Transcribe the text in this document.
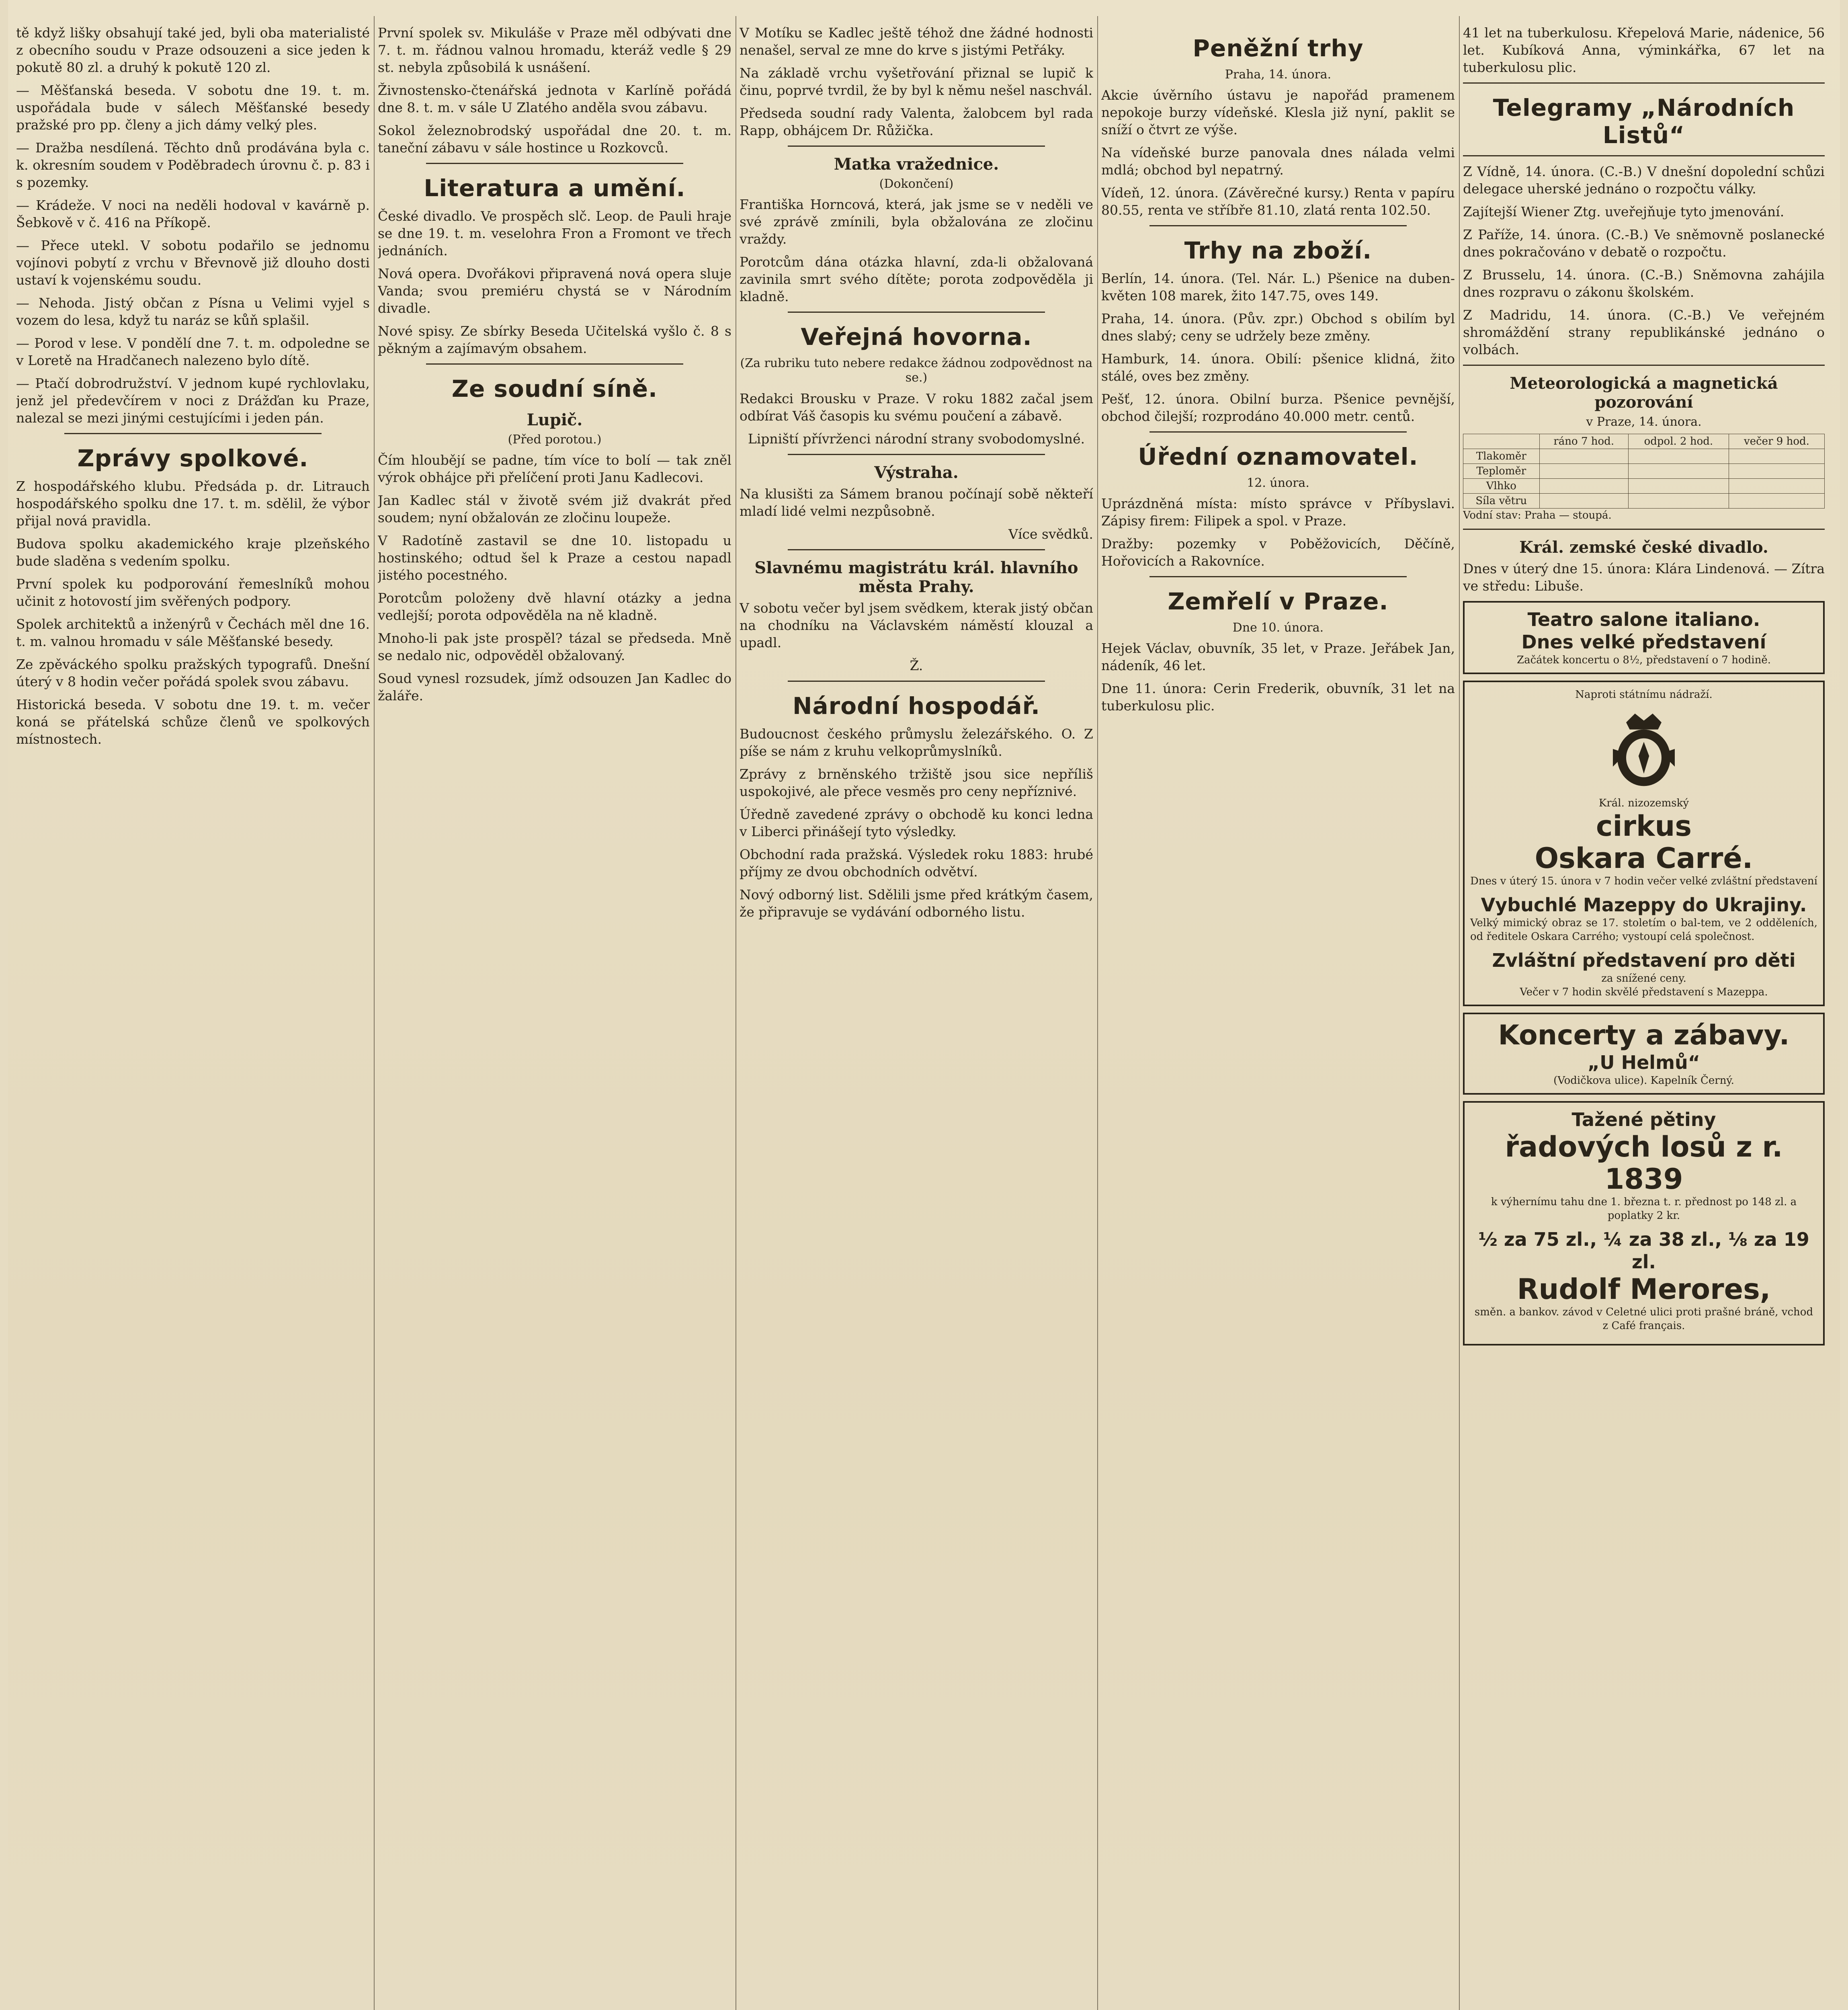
tě když lišky obsahují také jed, byli oba materialisté z obecního soudu v Praze odsouzeni a sice jeden k pokutě 80 zl. a druhý k pokutě 120 zl.

— Měšťanská beseda. V sobotu dne 19. t. m. uspořádala bude v sálech Měšťanské besedy pražské pro pp. členy a jich dámy velký ples.

— Dražba nesdílená. Těchto dnů prodávána byla c. k. okresním soudem v Poděbradech úrovnu č. p. 83 i s pozemky.

— Krádeže. V noci na neděli hodoval v kavárně p. Šebkově v č. 416 na Příkopě.

— Přece utekl. V sobotu podařilo se jednomu vojínovi pobytí z vrchu v Břevnově již dlouho dosti ustaví k vojenskému soudu.

— Nehoda. Jistý občan z Písna u Velimi vyjel s vozem do lesa, když tu naráz se kůň splašil.

— Porod v lese. V pondělí dne 7. t. m. odpoledne se v Loretě na Hradčanech nalezeno bylo dítě.

— Ptačí dobrodružství. V jednom kupé rychlovlaku, jenž jel předevčírem v noci z Drážďan ku Praze, nalezal se mezi jinými cestujícími i jeden pán.

Zprávy spolkové.

Z hospodářského klubu. Předsáda p. dr. Litrauch hospodářského spolku dne 17. t. m. sdělil, že výbor přijal nová pravidla.

Budova spolku akademického kraje plzeňského bude sladěna s vedením spolku.

První spolek ku podporování řemeslníků mohou učinit z hotovostí jim svěřených podpory.

Spolek architektů a inženýrů v Čechách měl dne 16. t. m. valnou hromadu v sále Měšťanské besedy.

Ze zpěváckého spolku pražských typografů. Dnešní úterý v 8 hodin večer pořádá spolek svou zábavu.

Historická beseda. V sobotu dne 19. t. m. večer koná se přátelská schůze členů ve spolkových místnostech.

První spolek sv. Mikuláše v Praze měl odbývati dne 7. t. m. řádnou valnou hromadu, kteráž vedle § 29 st. nebyla způsobilá k usnášení.

Živnostensko-čtenářská jednota v Karlíně pořádá dne 8. t. m. v sále U Zlatého anděla svou zábavu.

Sokol železnobrodský uspořádal dne 20. t. m. taneční zábavu v sále hostince u Rozkovců.

Literatura a umění.

České divadlo. Ve prospěch slč. Leop. de Pauli hraje se dne 19. t. m. veselohra Fron a Fromont ve třech jednáních.

Nová opera. Dvořákovi připravená nová opera sluje Vanda; svou premiéru chystá se v Národním divadle.

Nové spisy. Ze sbírky Beseda Učitelská vyšlo č. 8 s pěkným a zajímavým obsahem.

Ze soudní síně.
Lupič.
(Před porotou.)

Čím hloubějí se padne, tím více to bolí — tak zněl výrok obhájce při přelíčení proti Janu Kadlecovi.

Jan Kadlec stál v životě svém již dvakrát před soudem; nyní obžalován ze zločinu loupeže.

V Radotíně zastavil se dne 10. listopadu u hostinského; odtud šel k Praze a cestou napadl jistého pocestného.

Porotcům položeny dvě hlavní otázky a jedna vedlejší; porota odpověděla na ně kladně.

Mnoho-li pak jste prospěl? tázal se předseda. Mně se nedalo nic, odpověděl obžalovaný.

Soud vynesl rozsudek, jímž odsouzen Jan Kadlec do žaláře.

V Motíku se Kadlec ještě téhož dne žádné hodnosti nenašel, serval ze mne do krve s jistými Petřáky.

Na základě vrchu vyšetřování přiznal se lupič k činu, poprvé tvrdil, že by byl k němu nešel naschvál.

Předseda soudní rady Valenta, žalobcem byl rada Rapp, obhájcem Dr. Růžička.

Matka vražednice.
(Dokončení)

Františka Horncová, která, jak jsme se v neděli ve své zprávě zmínili, byla obžalována ze zločinu vraždy.

Porotcům dána otázka hlavní, zda-li obžalovaná zavinila smrt svého dítěte; porota zodpověděla ji kladně.

Veřejná hovorna.
(Za rubriku tuto nebere redakce žádnou zodpovědnost na se.)

Redakci Brousku v Praze. V roku 1882 začal jsem odbírat Váš časopis ku svému poučení a zábavě.

Lipniští přívrženci národní strany svobodomyslné.

Výstraha.

Na klusišti za Sámem branou počínají sobě někteří mladí lidé velmi nezpůsobně.

Více svědků.

Slavnému magistrátu král. hlavního města Prahy.

V sobotu večer byl jsem svědkem, kterak jistý občan na chodníku na Václavském náměstí klouzal a upadl.

Ž.

Národní hospodář.

Budoucnost českého průmyslu železářského. O. Z píše se nám z kruhu velkoprůmyslníků.

Zprávy z brněnského tržiště jsou sice nepříliš uspokojivé, ale přece vesměs pro ceny nepříznivé.

Úředně zavedené zprávy o obchodě ku konci ledna v Liberci přinášejí tyto výsledky.

Obchodní rada pražská. Výsledek roku 1883: hrubé příjmy ze dvou obchodních odvětví.

Nový odborný list. Sdělili jsme před krátkým časem, že připravuje se vydávání odborného listu.

Peněžní trhy
Praha, 14. února.

Akcie úvěrního ústavu je napořád pramenem nepokoje burzy vídeňské. Klesla již nyní, paklit se sníží o čtvrt ze výše.

Na vídeňské burze panovala dnes nálada velmi mdlá; obchod byl nepatrný.

Vídeň, 12. února. (Závěrečné kursy.) Renta v papíru 80.55, renta ve stříbře 81.10, zlatá renta 102.50.

Trhy na zboží.

Berlín, 14. února. (Tel. Nár. L.) Pšenice na duben-květen 108 marek, žito 147.75, oves 149.

Praha, 14. února. (Pův. zpr.) Obchod s obilím byl dnes slabý; ceny se udržely beze změny.

Hamburk, 14. února. Obilí: pšenice klidná, žito stálé, oves bez změny.

Pešť, 12. února. Obilní burza. Pšenice pevnější, obchod čilejší; rozprodáno 40.000 metr. centů.

Úřední oznamovatel.
12. února.

Uprázdněná místa: místo správce v Příbyslavi. Zápisy firem: Filipek a spol. v Praze.

Dražby: pozemky v Poběžovicích, Děčíně, Hořovicích a Rakovníce.

Zemřelí v Praze.
Dne 10. února.

Hejek Václav, obuvník, 35 let, v Praze. Jeřábek Jan, nádeník, 46 let.

Dne 11. února: Cerin Frederik, obuvník, 31 let na tuberkulosu plic.

41 let na tuberkulosu. Křepelová Marie, nádenice, 56 let. Kubíková Anna, výminkářka, 67 let na tuberkulosu plic.

Telegramy „Národních Listů“

Z Vídně, 14. února. (C.-B.) V dnešní dopolední schůzi delegace uherské jednáno o rozpočtu války.

Zajítejší Wiener Ztg. uveřejňuje tyto jmenování.

Z Paříže, 14. února. (C.-B.) Ve sněmovně poslanecké dnes pokračováno v debatě o rozpočtu.

Z Brusselu, 14. února. (C.-B.) Sněmovna zahájila dnes rozpravu o zákonu školském.

Z Madridu, 14. února. (C.-B.) Ve veřejném shromáždění strany republikánské jednáno o volbách.

Meteorologická a magnetická pozorování
v Praze, 14. února.
	ráno 7 hod.	odpol. 2 hod.	večer 9 hod.
Tlakoměr			
Teploměr			
Vlhko			
Síla větru			

Vodní stav: Praha — stoupá.

Král. zemské české divadlo.

Dnes v úterý dne 15. února: Klára Lindenová. — Zítra ve středu: Libuše.

Teatro salone italiano.
Dnes velké představení
Začátek koncertu o 8½, představení o 7 hodině.
Naproti státnímu nádraží.
Král. nizozemský
cirkus
Oskara Carré.

Dnes v úterý 15. února v 7 hodin večer velké zvláštní představení

Vybuchlé Mazeppy do Ukrajiny.

Velký mimický obraz se 17. stoletím o bal-tem, ve 2 odděleních, od ředitele Oskara Carrého; vystoupí celá společnost.

Zvláštní představení pro děti
za snížené ceny.
Večer v 7 hodin skvělé představení s Mazeppa.
Koncerty a zábavy.
„U Helmů“
(Vodičkova ulice). Kapelník Černý.
Tažené pětiny
řadových losů z r. 1839

k výhernímu tahu dne 1. března t. r. přednost po 148 zl. a poplatky 2 kr.

½ za 75 zl., ¼ za 38 zl., ⅛ za 19 zl.
Rudolf Merores,

směn. a bankov. závod v Celetné ulici proti prašné bráně, vchod z Café français.
